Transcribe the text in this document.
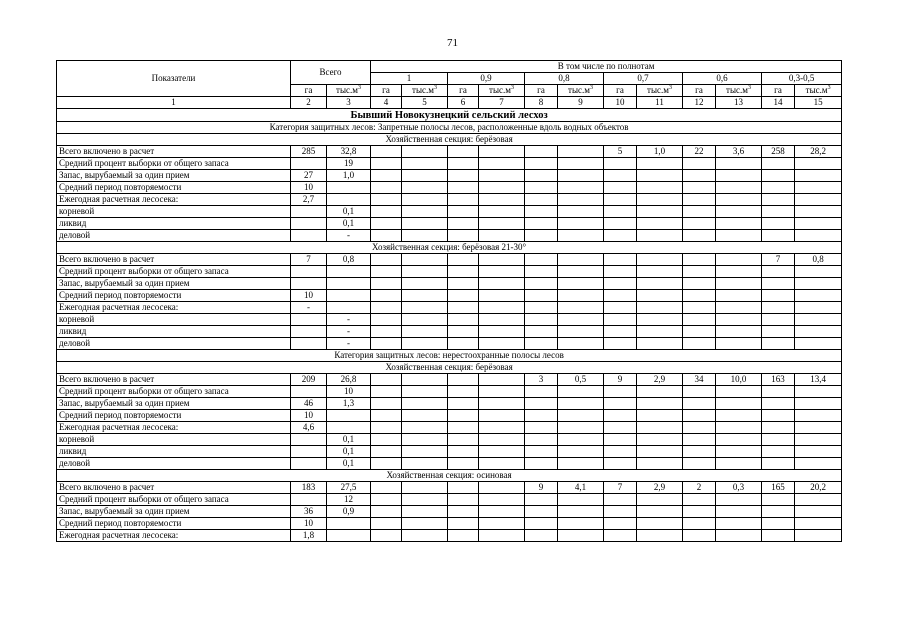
71
Показатели	Всего		В том числе по полнотам											
			1		0,9		0,8		0,7		0,6		0,3-0,5	
	га	$тыс.м^3$	га	$тыс.м^3$	га	$тыс.м^3$	га	$тыс.м^3$	га	$тыс.м^3$	га	$тыс.м^3$	га	$тыс.м^3$
1	2	3	4	5	6	7	8	9	10	11	12	13	14	15
Бывший Новокузнецкий сельский лесхоз														
Категория защитных лесов: Запретные полосы лесов, расположенные вдоль водных объектов														
Хозяйственная секция: берёзовая														
Всего включено в расчет	285	32,8							5	1,0	22	3,6	258	28,2
Средний процент выборки от общего запаса		19												
Запас, вырубаемый за один прием	27	1,0												
Средний период повторяемости	10													
Ежегодная расчетная лесосека:	2,7													
корневой		0,1												
ликвид		0,1												
деловой		-												
Хозяйственная секция: берёзовая 21-30°														
Всего включено в расчет	7	0,8											7	0,8
Средний процент выборки от общего запаса														
Запас, вырубаемый за один прием														
Средний период повторяемости	10													
Ежегодная расчетная лесосека:	-													
корневой		-												
ликвид		-												
деловой		-												
Категория защитных лесов: нерестоохранные полосы лесов														
Хозяйственная секция: берёзовая														
Всего включено в расчет	209	26,8					3	0,5	9	2,9	34	10,0	163	13,4
Средний процент выборки от общего запаса		10												
Запас, вырубаемый за один прием	46	1,3												
Средний период повторяемости	10													
Ежегодная расчетная лесосека:	4,6													
корневой		0,1												
ликвид		0,1												
деловой		0,1												
Хозяйственная секция: осиновая														
Всего включено в расчет	183	27,5					9	4,1	7	2,9	2	0,3	165	20,2
Средний процент выборки от общего запаса		12												
Запас, вырубаемый за один прием	36	0,9												
Средний период повторяемости	10													
Ежегодная расчетная лесосека:	1,8													
